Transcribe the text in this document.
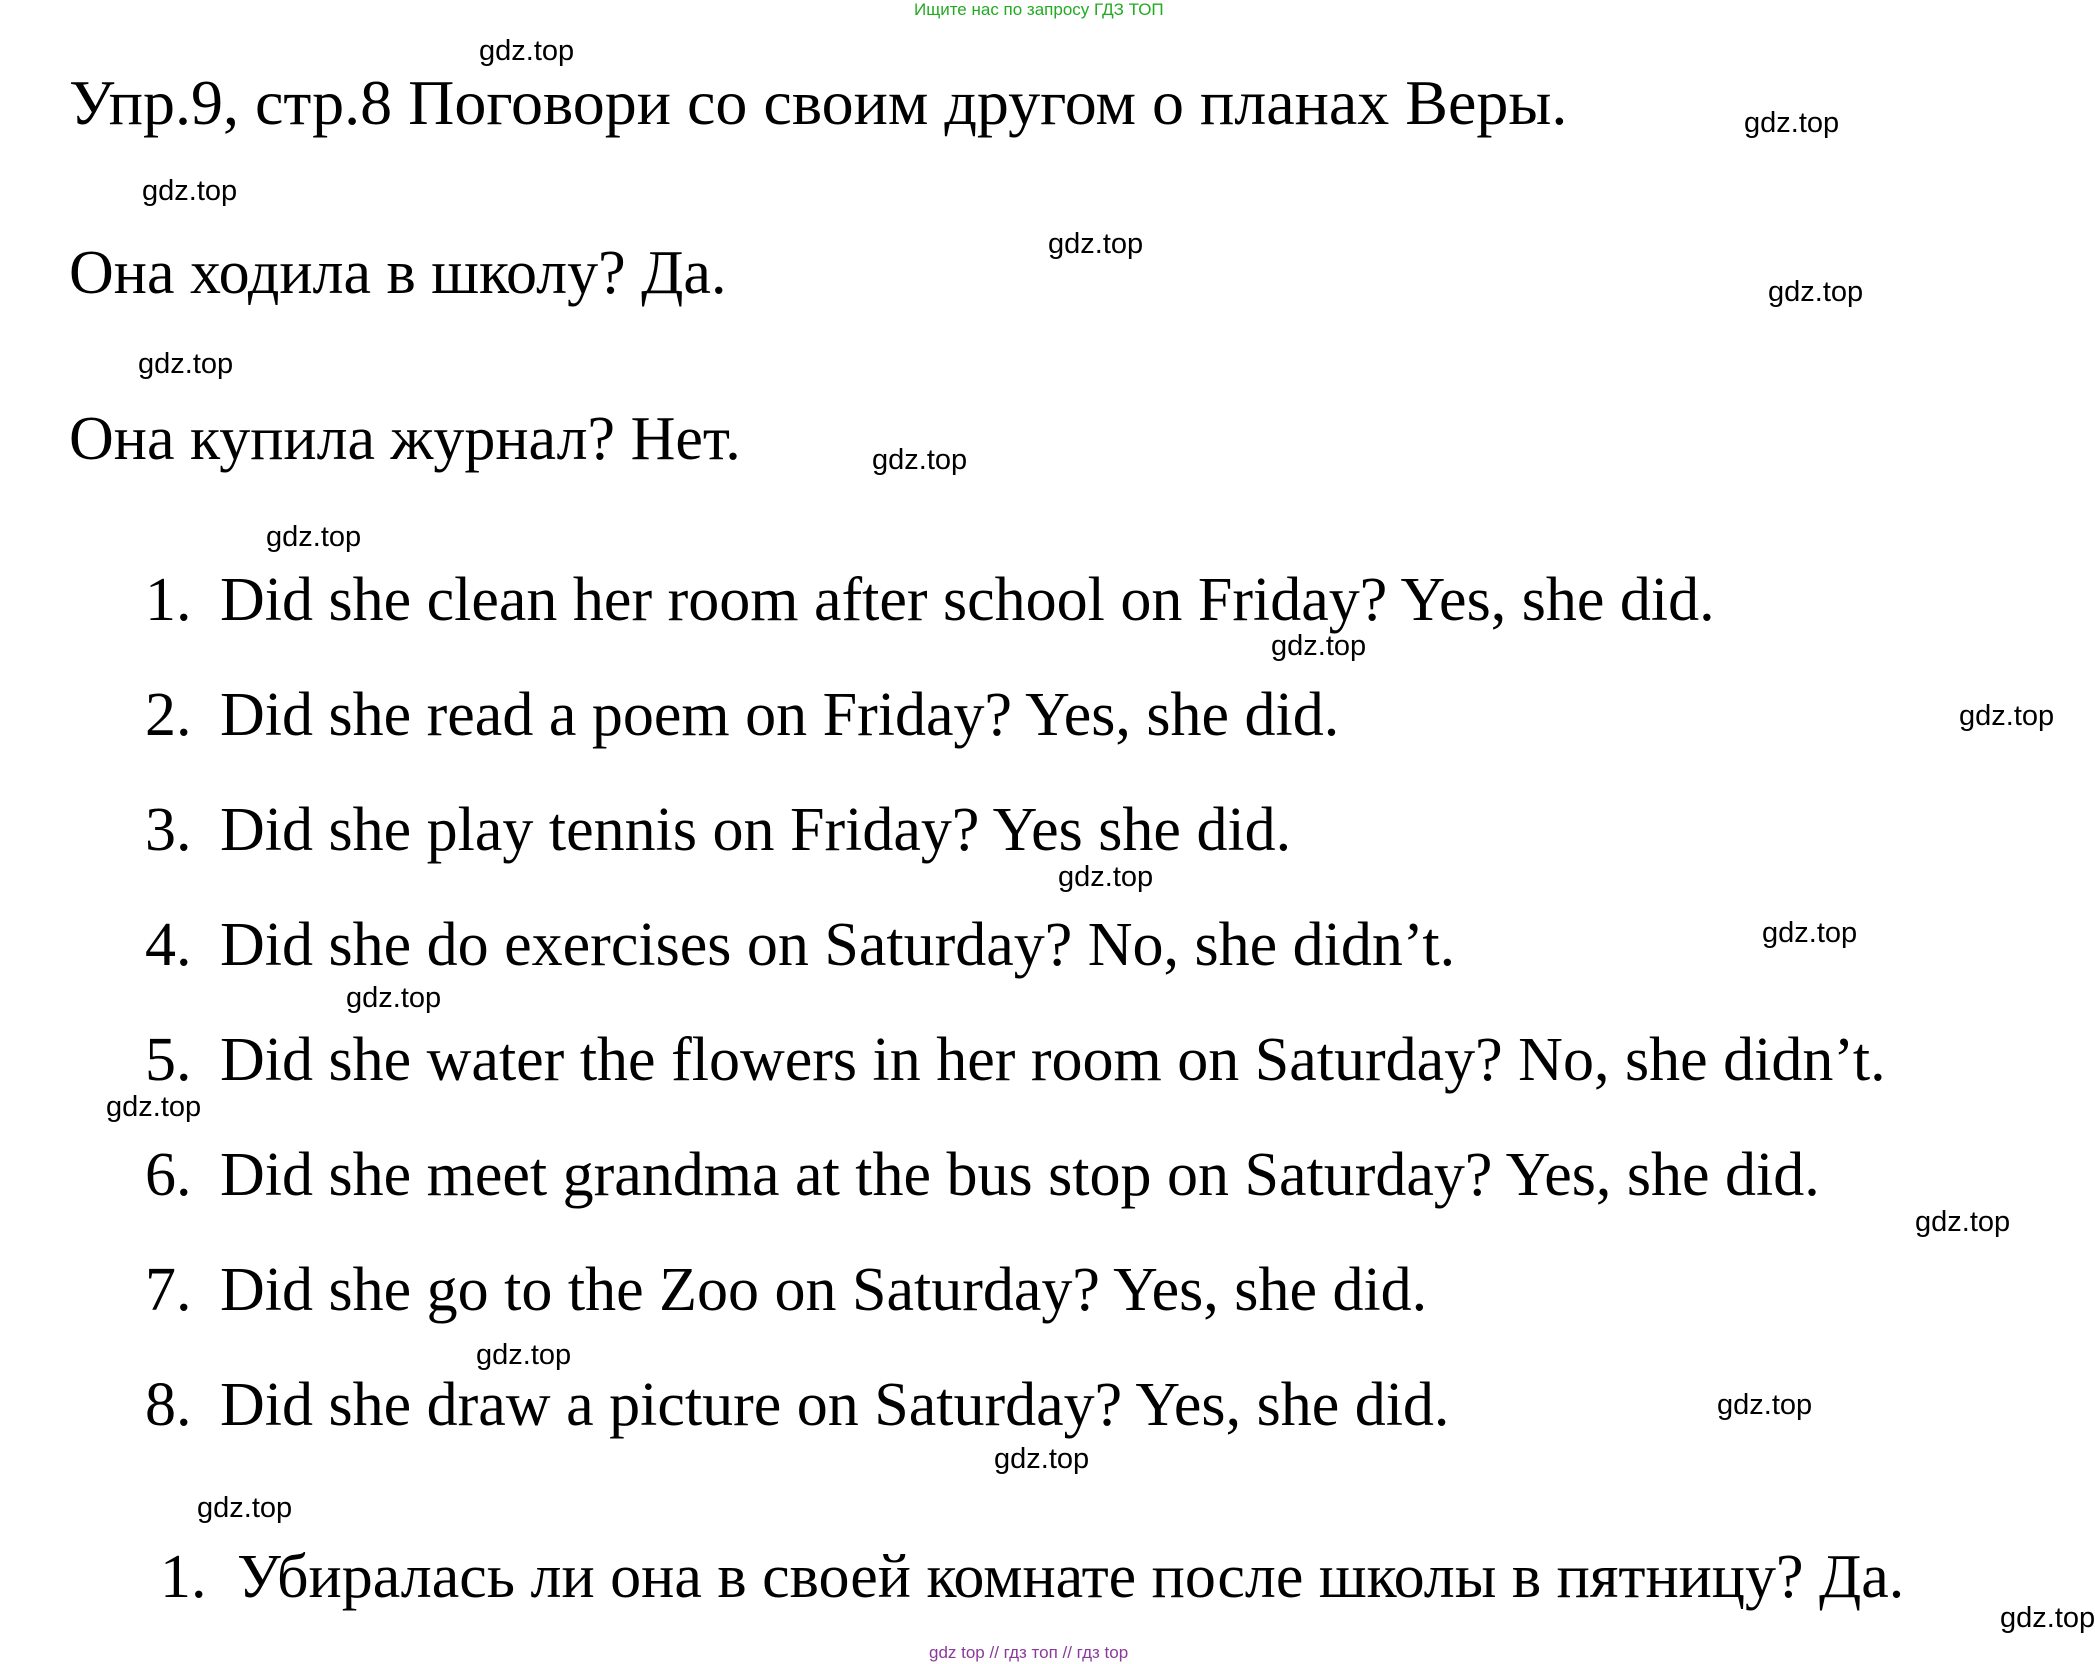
Ищите нас по запросу ГДЗ ТОП
Упр.9, стр.8 Поговори со своим другом о планах Веры.
Она ходила в школу? Да.
Она купила журнал? Нет.
1. Did she clean her room after school on Friday? Yes, she did.
2. Did she read a poem on Friday? Yes, she did.
3. Did she play tennis on Friday? Yes she did.
4. Did she do exercises on Saturday? No, she didn’t.
5. Did she water the flowers in her room on Saturday? No, she didn’t.
6. Did she meet grandma at the bus stop on Saturday? Yes, she did.
7. Did she go to the Zoo on Saturday? Yes, she did.
8. Did she draw a picture on Saturday? Yes, she did.
1. Убиралась ли она в своей комнате после школы в пятницу? Да.
gdz.top
gdz.top
gdz.top
gdz.top
gdz.top
gdz.top
gdz.top
gdz.top
gdz.top
gdz.top
gdz.top
gdz.top
gdz.top
gdz.top
gdz.top
gdz.top
gdz.top
gdz.top
gdz.top
gdz.top
gdz top // гдз топ // гдз top
